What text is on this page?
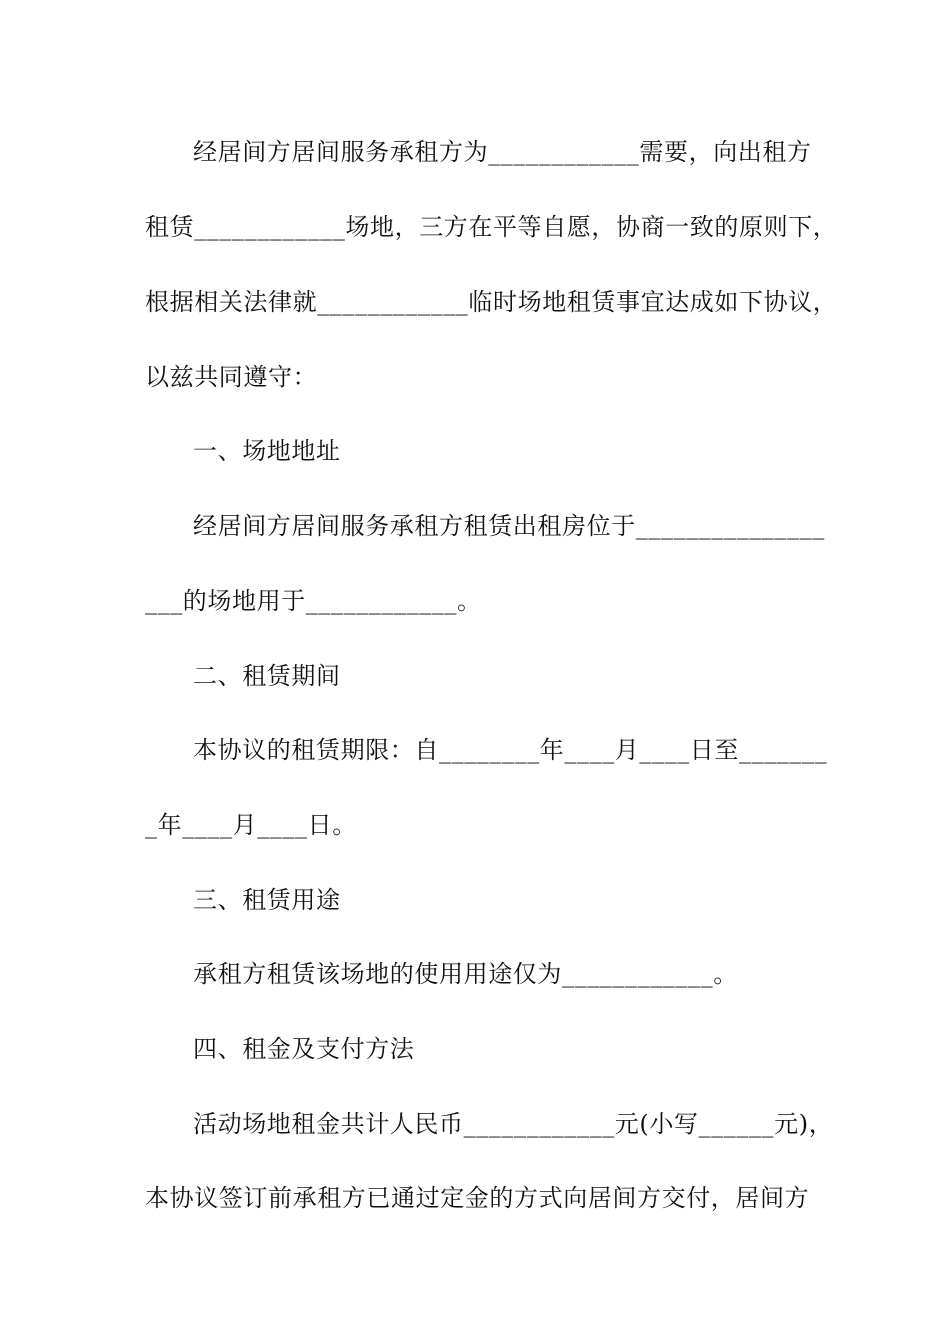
经居间方居间服务承租方为____________需要，向出租方
租赁____________场地，三方在平等自愿，协商一致的原则下，
根据相关法律就____________临时场地租赁事宜达成如下协议，
以兹共同遵守：
一、场地地址
经居间方居间服务承租方租赁出租房位于_______________
___的场地用于____________。
二、租赁期间
本协议的租赁期限：自________年____月____日至_______
_年____月____日。
三、租赁用途
承租方租赁该场地的使用用途仅为____________。
四、租金及支付方法
活动场地租金共计人民币____________元(小写______元)，
本协议签订前承租方已通过定金的方式向居间方交付，居间方
